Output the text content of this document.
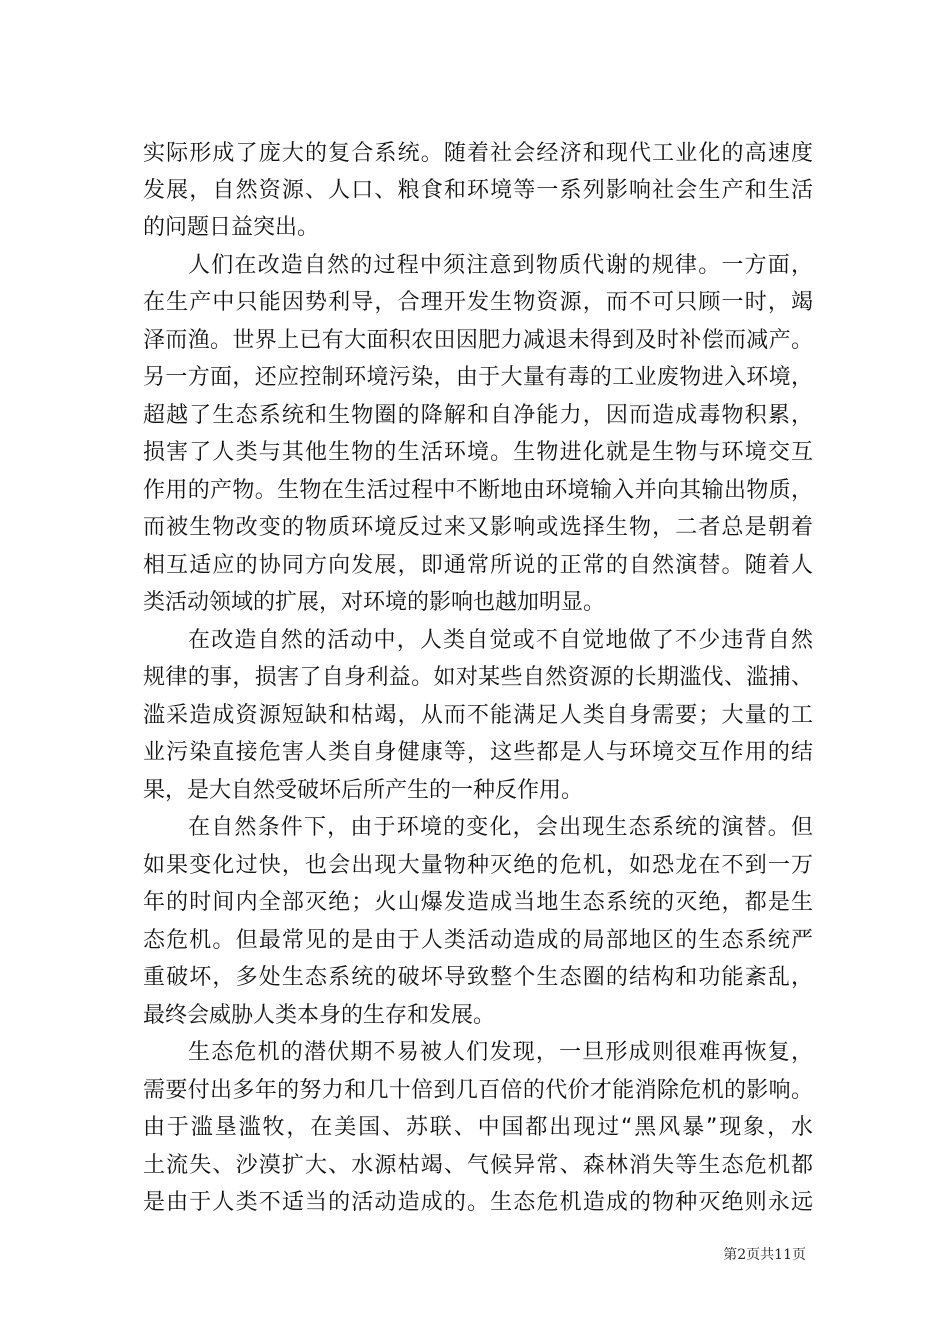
实际形成了庞大的复合系统。随着社会经济和现代工业化的高速度
发展，自然资源、人口、粮食和环境等一系列影响社会生产和生活
的问题日益突出。
人们在改造自然的过程中须注意到物质代谢的规律。一方面，
在生产中只能因势利导，合理开发生物资源，而不可只顾一时，竭
泽而渔。世界上已有大面积农田因肥力减退未得到及时补偿而减产。
另一方面，还应控制环境污染，由于大量有毒的工业废物进入环境，
超越了生态系统和生物圈的降解和自净能力，因而造成毒物积累，
损害了人类与其他生物的生活环境。生物进化就是生物与环境交互
作用的产物。生物在生活过程中不断地由环境输入并向其输出物质，
而被生物改变的物质环境反过来又影响或选择生物，二者总是朝着
相互适应的协同方向发展，即通常所说的正常的自然演替。随着人
类活动领域的扩展，对环境的影响也越加明显。
在改造自然的活动中，人类自觉或不自觉地做了不少违背自然
规律的事，损害了自身利益。如对某些自然资源的长期滥伐、滥捕、
滥采造成资源短缺和枯竭，从而不能满足人类自身需要；大量的工
业污染直接危害人类自身健康等，这些都是人与环境交互作用的结
果，是大自然受破坏后所产生的一种反作用。
在自然条件下，由于环境的变化，会出现生态系统的演替。但
如果变化过快，也会出现大量物种灭绝的危机，如恐龙在不到一万
年的时间内全部灭绝；火山爆发造成当地生态系统的灭绝，都是生
态危机。但最常见的是由于人类活动造成的局部地区的生态系统严
重破坏，多处生态系统的破坏导致整个生态圈的结构和功能紊乱，
最终会威胁人类本身的生存和发展。
生态危机的潜伏期不易被人们发现，一旦形成则很难再恢复，
需要付出多年的努力和几十倍到几百倍的代价才能消除危机的影响。
由于滥垦滥牧，在美国、苏联、中国都出现过“黑风暴”现象，水
土流失、沙漠扩大、水源枯竭、气候异常、森林消失等生态危机都
是由于人类不适当的活动造成的。生态危机造成的物种灭绝则永远
第2页共11页
